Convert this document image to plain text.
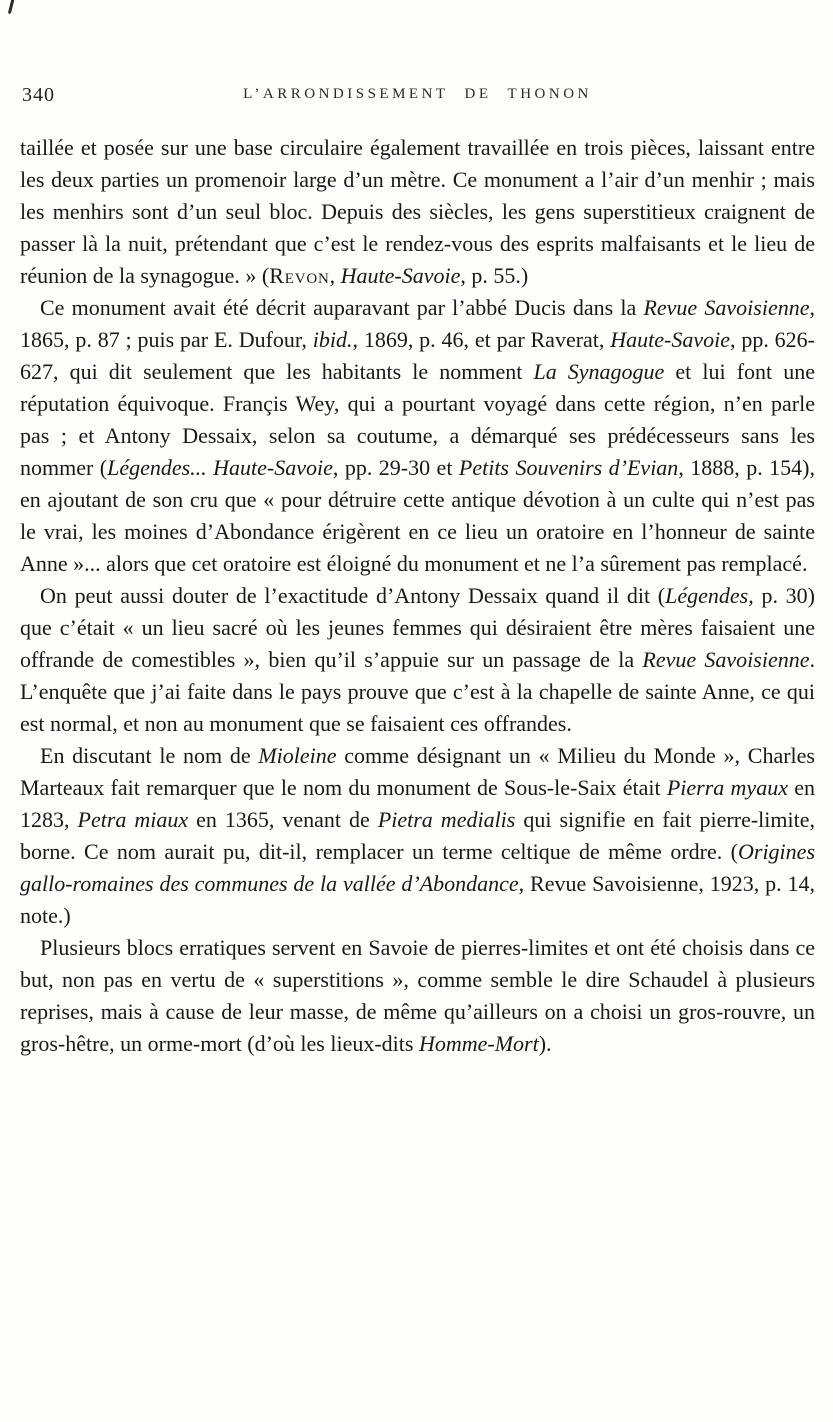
340	L’ARRONDISSEMENT DE THONON

taillée et posée sur une base circulaire également travaillée en trois pièces, laissant entre les deux parties un promenoir large d’un mètre. Ce monument a l’air d’un menhir ; mais les menhirs sont d’un seul bloc. Depuis des siècles, les gens superstitieux craignent de passer là la nuit, prétendant que c’est le rendez-vous des esprits malfaisants et le lieu de réunion de la synagogue. » (Revon, Haute-Savoie, p. 55.)

Ce monument avait été décrit auparavant par l’abbé Ducis dans la Revue Savoisienne, 1865, p. 87 ; puis par E. Dufour, ibid., 1869, p. 46, et par Raverat, Haute-Savoie, pp. 626-627, qui dit seulement que les habitants le nomment La Synagogue et lui font une réputation équivoque. Françis Wey, qui a pourtant voyagé dans cette région, n’en parle pas ; et Antony Dessaix, selon sa coutume, a démarqué ses prédécesseurs sans les nommer (Légendes... Haute-Savoie, pp. 29-30 et Petits Souvenirs d’Evian, 1888, p. 154), en ajoutant de son cru que « pour détruire cette antique dévotion à un culte qui n’est pas le vrai, les moines d’Abondance érigèrent en ce lieu un oratoire en l’honneur de sainte Anne »... alors que cet oratoire est éloigné du monument et ne l’a sûrement pas remplacé.

On peut aussi douter de l’exactitude d’Antony Dessaix quand il dit (Légendes, p. 30) que c’était « un lieu sacré où les jeunes femmes qui désiraient être mères faisaient une offrande de comestibles », bien qu’il s’appuie sur un passage de la Revue Savoisienne. L’enquête que j’ai faite dans le pays prouve que c’est à la chapelle de sainte Anne, ce qui est normal, et non au monument que se faisaient ces offrandes.

En discutant le nom de Mioleine comme désignant un « Milieu du Monde », Charles Marteaux fait remarquer que le nom du monument de Sous-le-Saix était Pierra myaux en 1283, Petra miaux en 1365, venant de Pietra medialis qui signifie en fait pierre-limite, borne. Ce nom aurait pu, dit-il, remplacer un terme celtique de même ordre. (Origines gallo-romaines des communes de la vallée d’Abondance, Revue Savoisienne, 1923, p. 14, note.)

Plusieurs blocs erratiques servent en Savoie de pierres-limites et ont été choisis dans ce but, non pas en vertu de « superstitions », comme semble le dire Schaudel à plusieurs reprises, mais à cause de leur masse, de même qu’ailleurs on a choisi un gros-rouvre, un gros-hêtre, un orme-mort (d’où les lieux-dits Homme-Mort).
